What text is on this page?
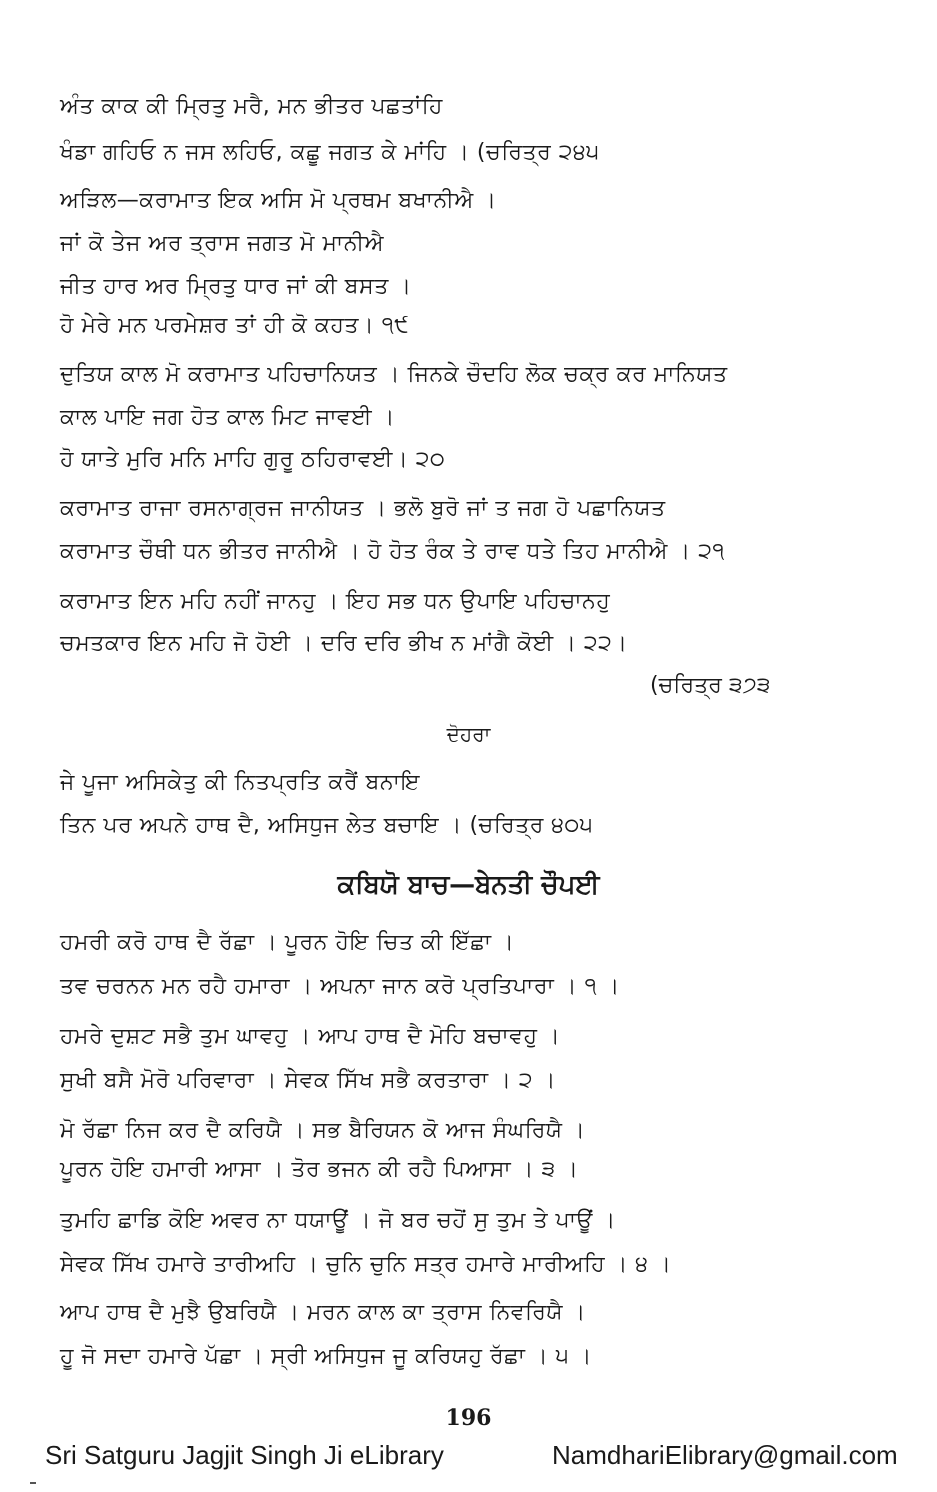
ਅੰਤ ਕਾਕ ਕੀ ਮ੍ਰਿਤੁ ਮਰੈ, ਮਨ ਭੀਤਰ ਪਛਤਾਂਹਿ
ਖੰਡਾ ਗਹਿਓ ਨ ਜਸ ਲਹਿਓ, ਕਛੂ ਜਗਤ ਕੇ ਮਾਂਹਿ । (ਚਰਿਤ੍ਰ ੨੪੫
ਅੜਿਲ—ਕਰਾਮਾਤ ਇਕ ਅਸਿ ਮੋ ਪ੍ਰਥਮ ਬਖਾਨੀਐ ।
ਜਾਂ ਕੋ ਤੇਜ ਅਰ ਤ੍ਰਾਸ ਜਗਤ ਮੋ ਮਾਨੀਐ
ਜੀਤ ਹਾਰ ਅਰ ਮ੍ਰਿਤੁ ਧਾਰ ਜਾਂ ਕੀ ਬਸਤ ।
ਹੋ ਮੇਰੇ ਮਨ ਪਰਮੇਸ਼ਰ ਤਾਂ ਹੀ ਕੋ ਕਹਤ। ੧੯
ਦੁਤਿਯ ਕਾਲ ਮੋ ਕਰਾਮਾਤ ਪਹਿਚਾਨਿਯਤ । ਜਿਨਕੇ ਚੌਦਹਿ ਲੋਕ ਚਕ੍ਰ ਕਰ ਮਾਨਿਯਤ
ਕਾਲ ਪਾਇ ਜਗ ਹੋਤ ਕਾਲ ਮਿਟ ਜਾਵਈ ।
ਹੋ ਯਾਤੇ ਮੁਰਿ ਮਨਿ ਮਾਹਿ ਗੁਰੂ ਠਹਿਰਾਵਈ। ੨੦
ਕਰਾਮਾਤ ਰਾਜਾ ਰਸਨਾਗ੍ਰਜ ਜਾਨੀਯਤ । ਭਲੋ ਬੁਰੋ ਜਾਂ ਤ ਜਗ ਹੋ ਪਛਾਨਿਯਤ
ਕਰਾਮਾਤ ਚੌਥੀ ਧਨ ਭੀਤਰ ਜਾਨੀਐ । ਹੋ ਹੋਤ ਰੰਕ ਤੇ ਰਾਵ ਧਤੇ ਤਿਹ ਮਾਨੀਐ । ੨੧
ਕਰਾਮਾਤ ਇਨ ਮਹਿ ਨਹੀਂ ਜਾਨਹੁ । ਇਹ ਸਭ ਧਨ ਉਪਾਇ ਪਹਿਚਾਨਹੁ
ਚਮਤਕਾਰ ਇਨ ਮਹਿ ਜੋ ਹੋਈ । ਦਰਿ ਦਰਿ ਭੀਖ ਨ ਮਾਂਗੈ ਕੋਈ । ੨੨।
(ਚਰਿਤ੍ਰ ੩੭੩
ਦੋਹਰਾ
ਜੇ ਪੂਜਾ ਅਸਿਕੇਤੁ ਕੀ ਨਿਤਪ੍ਰਤਿ ਕਰੈਂ ਬਨਾਇ
ਤਿਨ ਪਰ ਅਪਨੇ ਹਾਥ ਦੈ, ਅਸਿਧੁਜ ਲੇਤ ਬਚਾਇ । (ਚਰਿਤ੍ਰ ੪੦੫
ਕਬਿਯੋ ਬਾਚ—ਬੇਨਤੀ ਚੌਪਈ
ਹਮਰੀ ਕਰੋ ਹਾਥ ਦੈ ਰੱਛਾ । ਪੂਰਨ ਹੋਇ ਚਿਤ ਕੀ ਇੱਛਾ ।
ਤਵ ਚਰਨਨ ਮਨ ਰਹੈ ਹਮਾਰਾ । ਅਪਨਾ ਜਾਨ ਕਰੋ ਪ੍ਰਤਿਪਾਰਾ । ੧ ।
ਹਮਰੇ ਦੁਸ਼ਟ ਸਭੈ ਤੁਮ ਘਾਵਹੁ । ਆਪ ਹਾਥ ਦੈ ਮੋਹਿ ਬਚਾਵਹੁ ।
ਸੁਖੀ ਬਸੈ ਮੋਰੋ ਪਰਿਵਾਰਾ । ਸੇਵਕ ਸਿੱਖ ਸਭੈ ਕਰਤਾਰਾ । ੨ ।
ਮੋ ਰੱਛਾ ਨਿਜ ਕਰ ਦੈ ਕਰਿਯੈ । ਸਭ ਬੈਰਿਯਨ ਕੋ ਆਜ ਸੰਘਰਿਯੈ ।
ਪੂਰਨ ਹੋਇ ਹਮਾਰੀ ਆਸਾ । ਤੋਰ ਭਜਨ ਕੀ ਰਹੈ ਪਿਆਸਾ । ੩ ।
ਤੁਮਹਿ ਛਾਡਿ ਕੋਇ ਅਵਰ ਨਾ ਧਯਾਊਂ । ਜੋ ਬਰ ਚਹੋਂ ਸੁ ਤੁਮ ਤੇ ਪਾਊਂ ।
ਸੇਵਕ ਸਿੱਖ ਹਮਾਰੇ ਤਾਰੀਅਹਿ । ਚੁਨਿ ਚੁਨਿ ਸਤ੍ਰ ਹਮਾਰੇ ਮਾਰੀਅਹਿ । ੪ ।
ਆਪ ਹਾਥ ਦੈ ਮੁਝੈ ਉਬਰਿਯੈ । ਮਰਨ ਕਾਲ ਕਾ ਤ੍ਰਾਸ ਨਿਵਰਿਯੈ ।
ਹੂ ਜੋ ਸਦਾ ਹਮਾਰੇ ਪੱਛਾ । ਸ੍ਰੀ ਅਸਿਧੁਜ ਜੂ ਕਰਿਯਹੁ ਰੱਛਾ । ੫ ।
196
Sri Satguru Jagjit Singh Ji eLibrary	NamdhariElibrary@gmail.com
